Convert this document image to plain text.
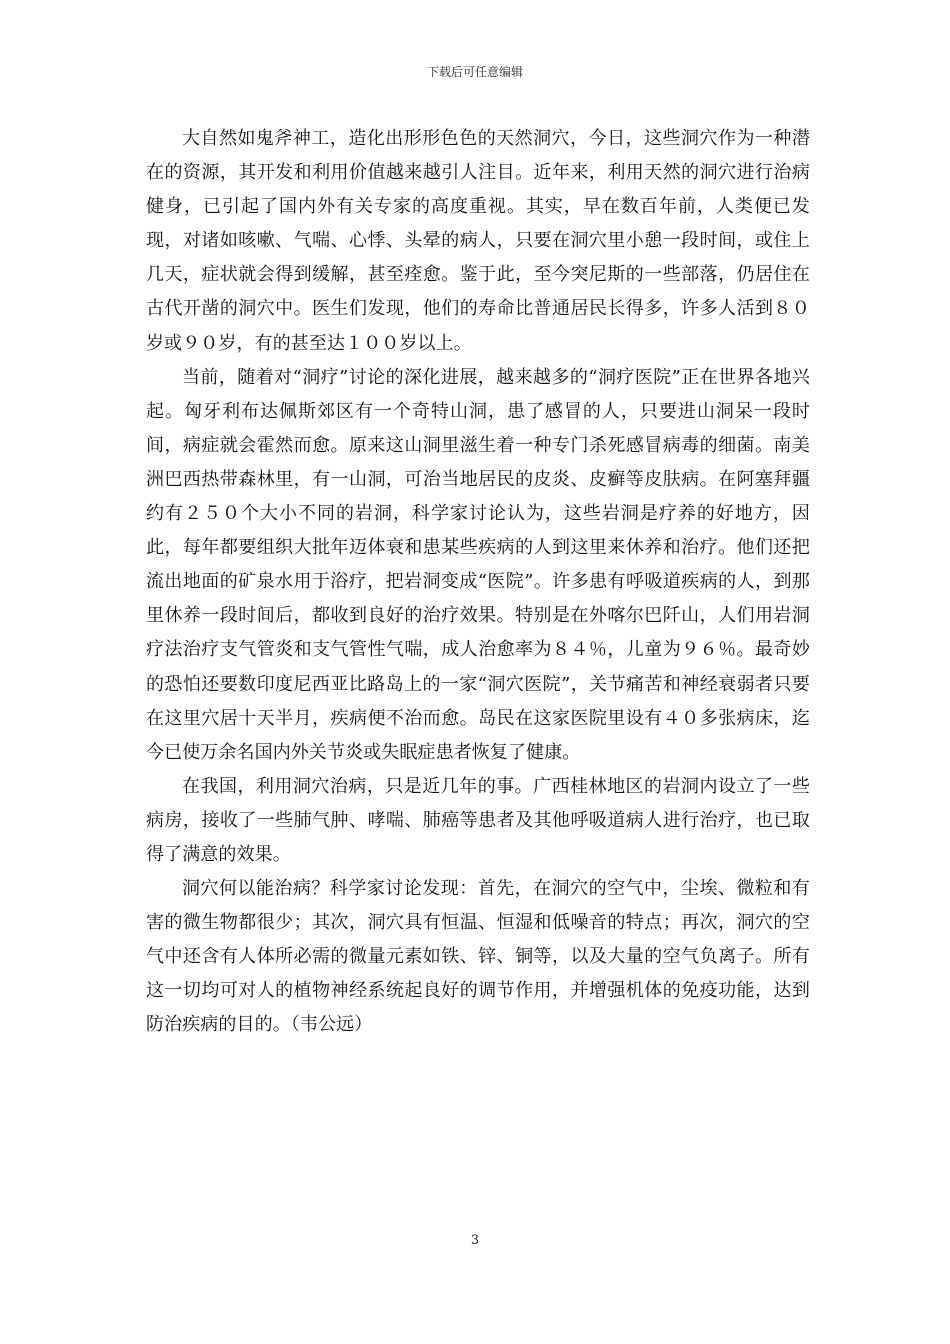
下载后可任意编辑

大自然如鬼斧神工，造化出形形色色的天然洞穴，今日，这些洞穴作为一种潜在的资源，其开发和利用价值越来越引人注目。近年来，利用天然的洞穴进行治病健身，已引起了国内外有关专家的高度重视。其实，早在数百年前，人类便已发现，对诸如咳嗽、气喘、心悸、头晕的病人，只要在洞穴里小憩一段时间，或住上几天，症状就会得到缓解，甚至痊愈。鉴于此，至今突尼斯的一些部落，仍居住在古代开凿的洞穴中。医生们发现，他们的寿命比普通居民长得多，许多人活到８０岁或９０岁，有的甚至达１００岁以上。

当前，随着对“洞疗”讨论的深化进展，越来越多的“洞疗医院”正在世界各地兴起。匈牙利布达佩斯郊区有一个奇特山洞，患了感冒的人，只要进山洞呆一段时间，病症就会霍然而愈。原来这山洞里滋生着一种专门杀死感冒病毒的细菌。南美洲巴西热带森林里，有一山洞，可治当地居民的皮炎、皮癣等皮肤病。在阿塞拜疆约有２５０个大小不同的岩洞，科学家讨论认为，这些岩洞是疗养的好地方，因此，每年都要组织大批年迈体衰和患某些疾病的人到这里来休养和治疗。他们还把流出地面的矿泉水用于浴疗，把岩洞变成“医院”。许多患有呼吸道疾病的人，到那里休养一段时间后，都收到良好的治疗效果。特别是在外喀尔巴阡山，人们用岩洞疗法治疗支气管炎和支气管性气喘，成人治愈率为８４％，儿童为９６％。最奇妙的恐怕还要数印度尼西亚比路岛上的一家“洞穴医院”，关节痛苦和神经衰弱者只要在这里穴居十天半月，疾病便不治而愈。岛民在这家医院里设有４０多张病床，迄今已使万余名国内外关节炎或失眠症患者恢复了健康。

在我国，利用洞穴治病，只是近几年的事。广西桂林地区的岩洞内设立了一些病房，接收了一些肺气肿、哮喘、肺癌等患者及其他呼吸道病人进行治疗，也已取得了满意的效果。

洞穴何以能治病？科学家讨论发现：首先，在洞穴的空气中，尘埃、微粒和有害的微生物都很少；其次，洞穴具有恒温、恒湿和低噪音的特点；再次，洞穴的空气中还含有人体所必需的微量元素如铁、锌、铜等，以及大量的空气负离子。所有这一切均可对人的植物神经系统起良好的调节作用，并增强机体的免疫功能，达到防治疾病的目的。（韦公远）

3
